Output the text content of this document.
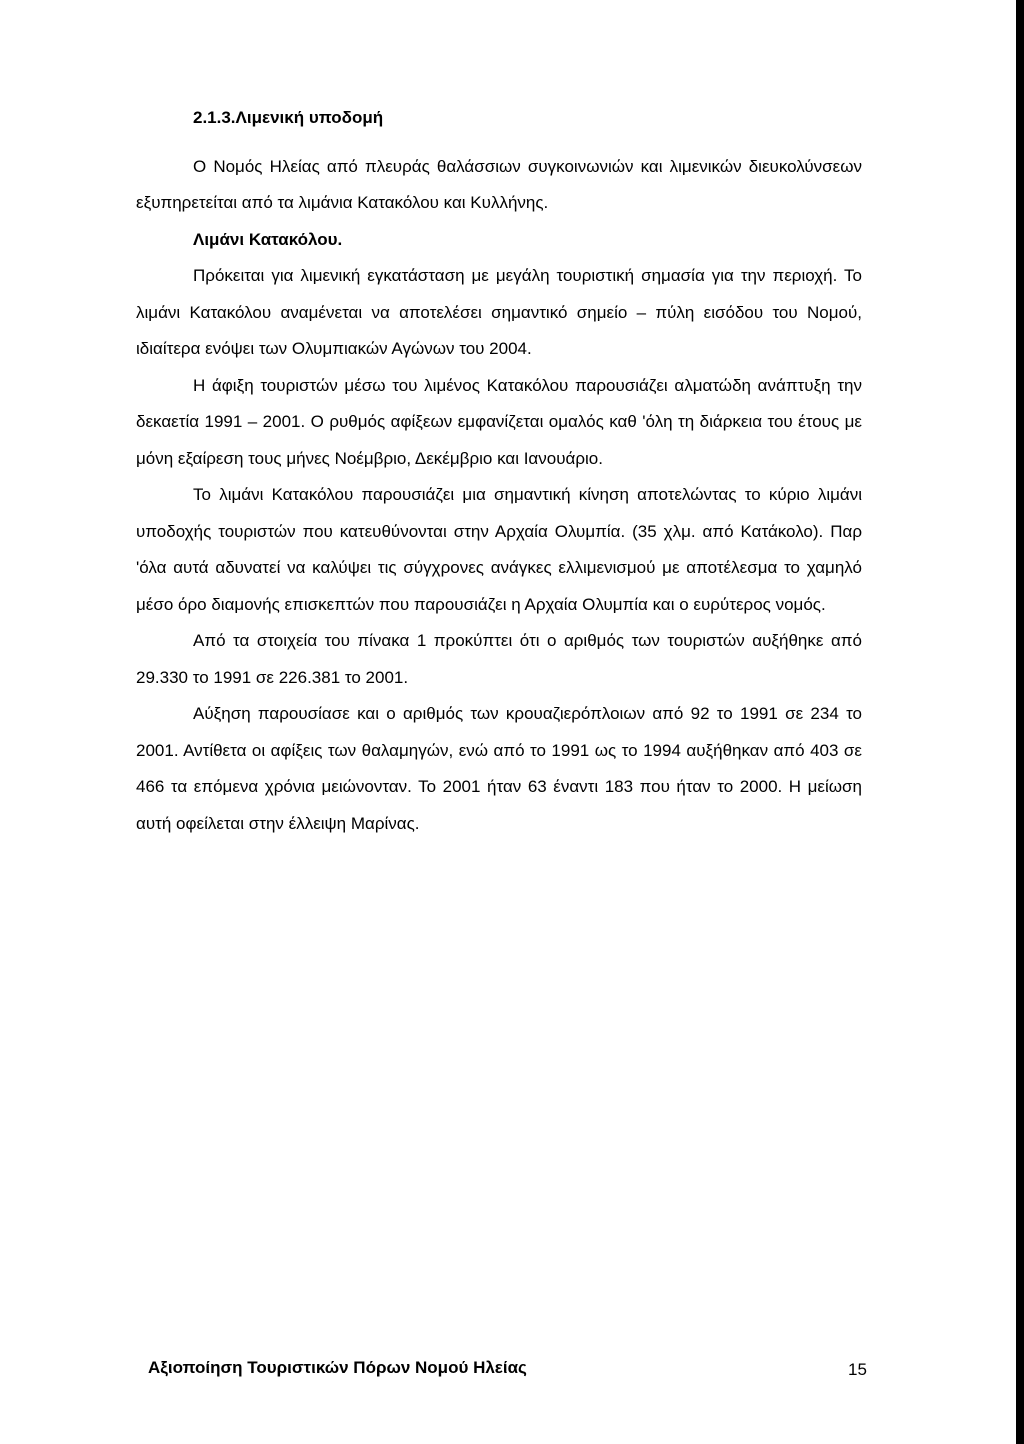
2.1.3.Λιμενική υποδομή

Ο Νομός Ηλείας από πλευράς θαλάσσιων συγκοινωνιών και λιμενικών διευκολύνσεων εξυπηρετείται από τα λιμάνια Κατακόλου και Κυλλήνης.

Λιμάνι Κατακόλου.

Πρόκειται για λιμενική εγκατάσταση με μεγάλη τουριστική σημασία για την περιοχή. Το λιμάνι Κατακόλου αναμένεται να αποτελέσει σημαντικό σημείο – πύλη εισόδου του Νομού, ιδιαίτερα ενόψει των Ολυμπιακών Αγώνων του 2004.

Η άφιξη τουριστών μέσω του λιμένος Κατακόλου παρουσιάζει αλματώδη ανάπτυξη την δεκαετία 1991 – 2001. Ο ρυθμός αφίξεων εμφανίζεται ομαλός καθ 'όλη τη διάρκεια του έτους με μόνη εξαίρεση τους μήνες Νοέμβριο, Δεκέμβριο και Ιανουάριο.

Το λιμάνι Κατακόλου παρουσιάζει μια σημαντική κίνηση αποτελώντας το κύριο λιμάνι υποδοχής τουριστών που κατευθύνονται στην Αρχαία Ολυμπία. (35 χλμ. από Κατάκολο). Παρ 'όλα αυτά αδυνατεί να καλύψει τις σύγχρονες ανάγκες ελλιμενισμού με αποτέλεσμα το χαμηλό μέσο όρο διαμονής επισκεπτών που παρουσιάζει η Αρχαία Ολυμπία και ο ευρύτερος νομός.

Από τα στοιχεία του πίνακα 1 προκύπτει ότι ο αριθμός των τουριστών αυξήθηκε από 29.330 το 1991 σε 226.381 το 2001.

Αύξηση παρουσίασε και ο αριθμός των κρουαζιερόπλοιων από 92 το 1991 σε 234 το 2001. Αντίθετα οι αφίξεις των θαλαμηγών, ενώ από το 1991 ως το 1994 αυξήθηκαν από 403 σε 466 τα επόμενα χρόνια μειώνονταν. Το 2001 ήταν 63 έναντι 183 που ήταν το 2000. Η μείωση αυτή οφείλεται στην έλλειψη Μαρίνας.

Αξιοποίηση Τουριστικών Πόρων Νομού Ηλείας	15
